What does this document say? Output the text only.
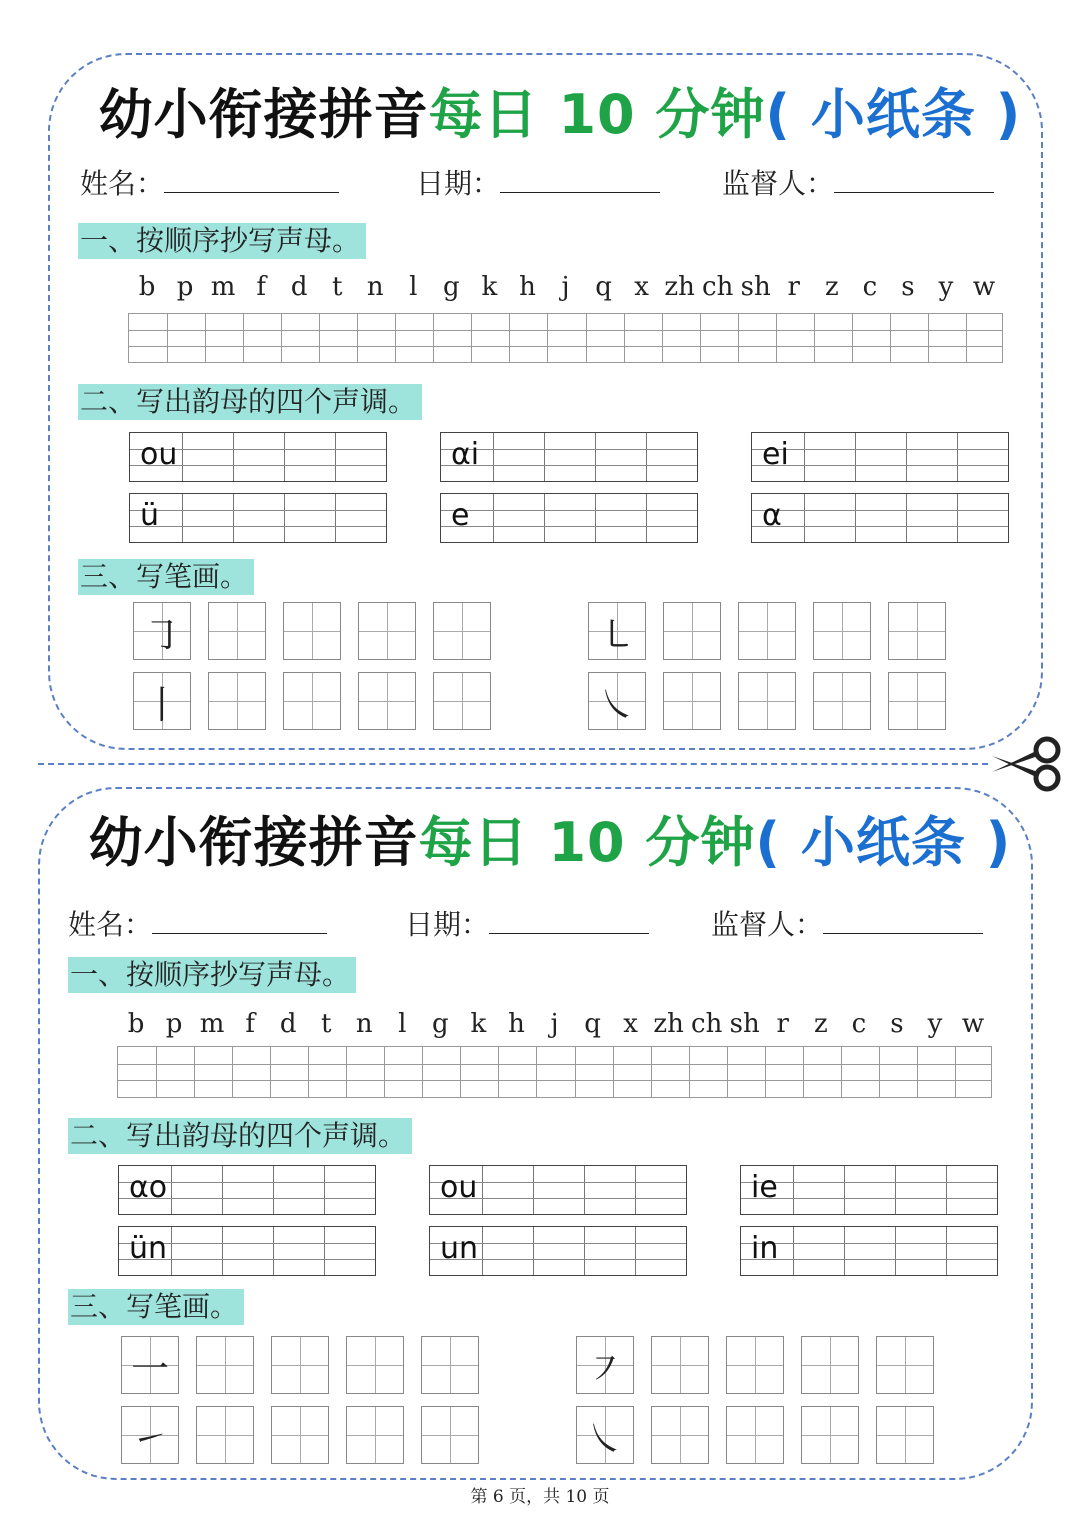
幼小衔接拼音每日 10 分钟( 小纸条 )
姓名：	日期：	监督人：
一、按顺序抄写声母。
b p m f d t n l g k h j q x zh ch sh r z c s y w
二、写出韵母的四个声调。
ou	αi	ei
ü	e	α
三、写笔画。
㇆	㇄
丨	㇏
幼小衔接拼音每日 10 分钟( 小纸条 )
姓名：	日期：	监督人：
一、按顺序抄写声母。
b p m f d t n l g k h j q x zh ch sh r z c s y w
二、写出韵母的四个声调。
αo	ou	ie
ün	un	in
三、写笔画。
一	㇇
㇀	㇏
第 6 页，共 10 页
